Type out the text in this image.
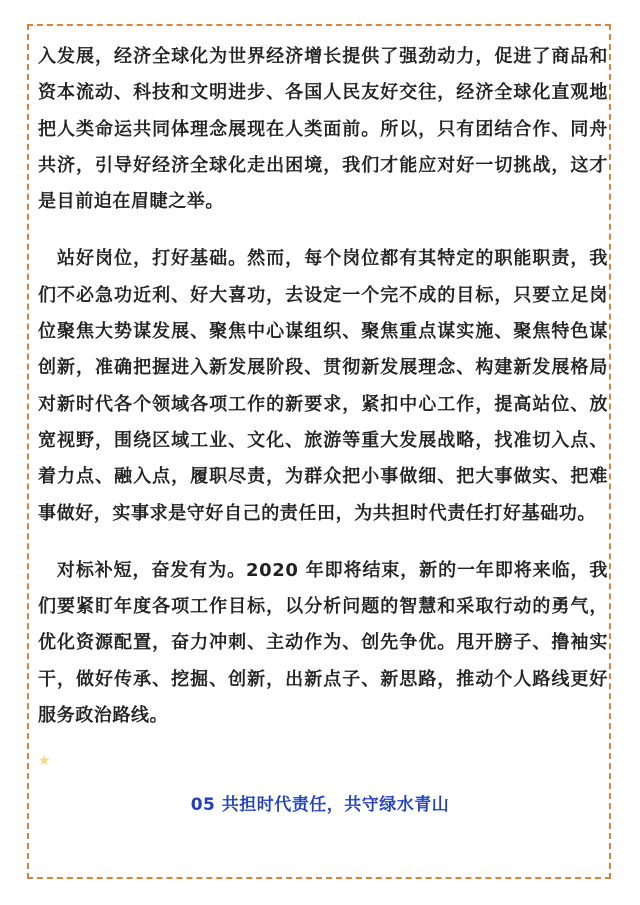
入发展，经济全球化为世界经济增长提供了强劲动力，促进了商品和资本流动、科技和文明进步、各国人民友好交往，经济全球化直观地把人类命运共同体理念展现在人类面前。所以，只有团结合作、同舟共济，引导好经济全球化走出困境，我们才能应对好一切挑战，这才是目前迫在眉睫之举。

　站好岗位，打好基础。然而，每个岗位都有其特定的职能职责，我们不必急功近利、好大喜功，去设定一个完不成的目标，只要立足岗位聚焦大势谋发展、聚焦中心谋组织、聚焦重点谋实施、聚焦特色谋创新，准确把握进入新发展阶段、贯彻新发展理念、构建新发展格局对新时代各个领域各项工作的新要求，紧扣中心工作，提高站位、放宽视野，围绕区域工业、文化、旅游等重大发展战略，找准切入点、着力点、融入点，履职尽责，为群众把小事做细、把大事做实、把难事做好，实事求是守好自己的责任田，为共担时代责任打好基础功。

　对标补短，奋发有为。2020 年即将结束，新的一年即将来临，我们要紧盯年度各项工作目标，以分析问题的智慧和采取行动的勇气，优化资源配置，奋力冲刺、主动作为、创先争优。甩开膀子、撸袖实干，做好传承、挖掘、创新，出新点子、新思路，推动个人路线更好服务政治路线。

★
05 共担时代责任，共守绿水青山
